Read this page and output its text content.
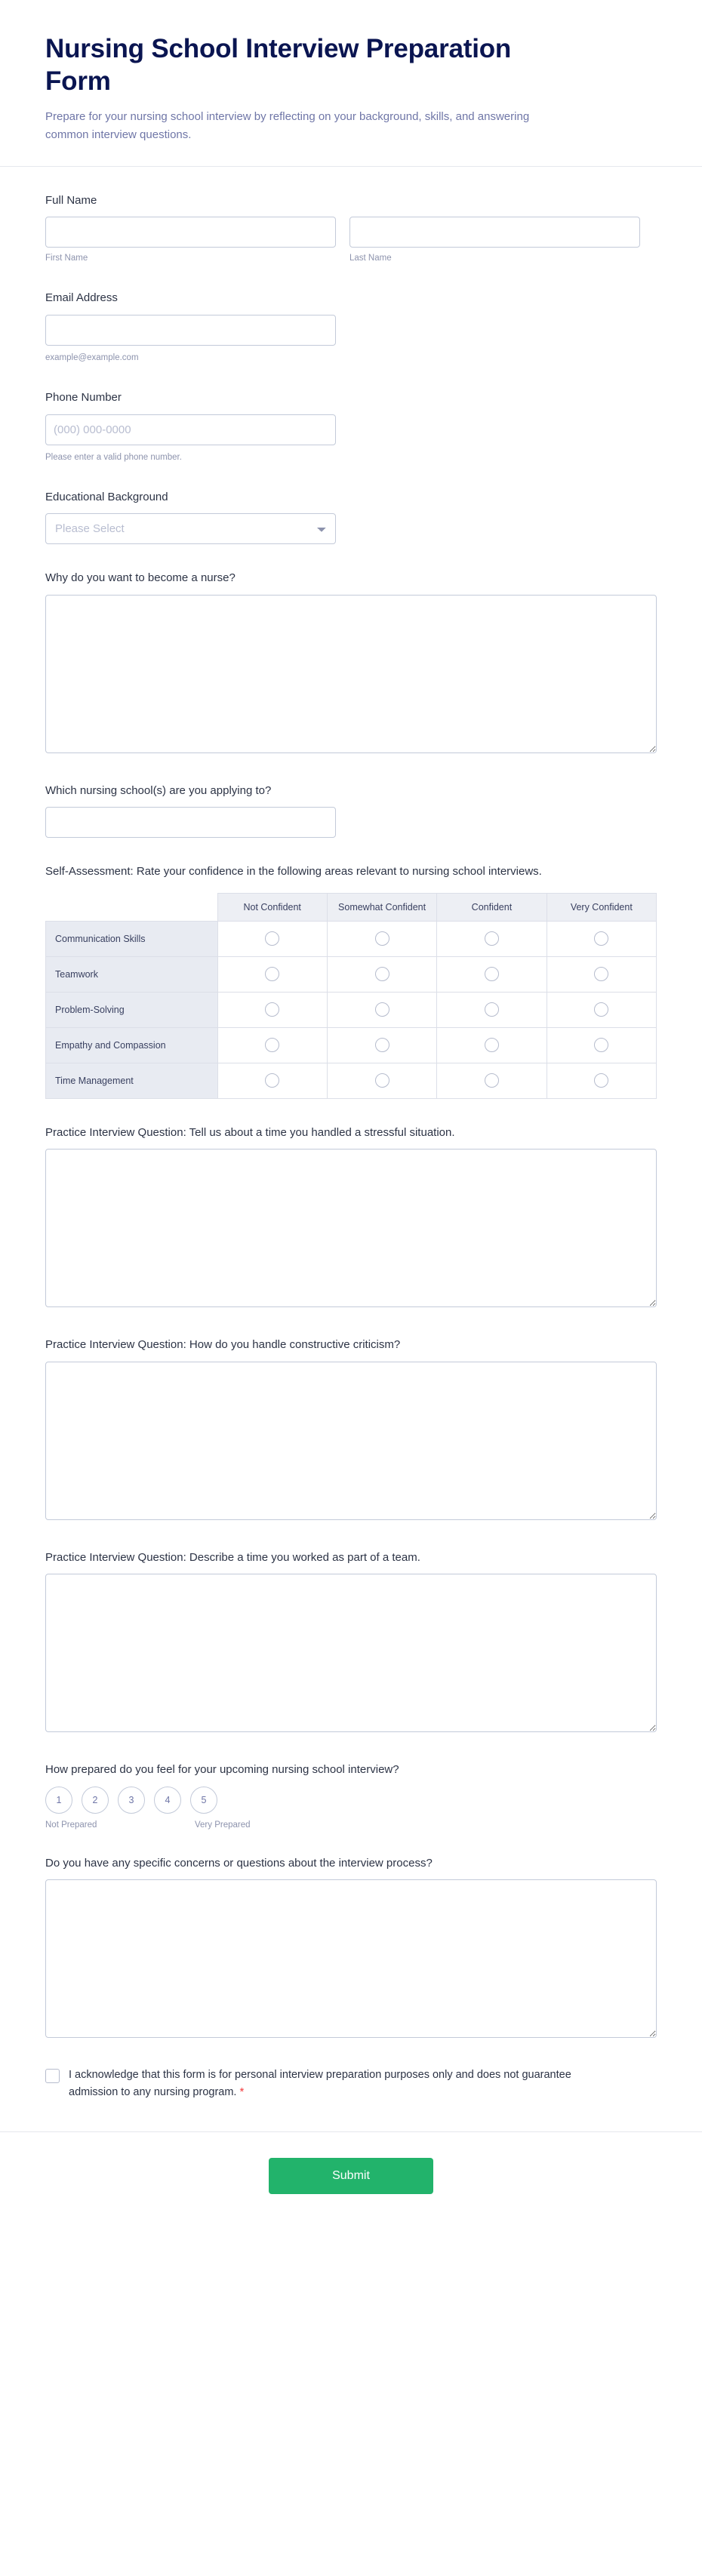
Nursing School Interview Preparation Form

Prepare for your nursing school interview by reflecting on your background, skills, and answering common interview questions.

Full Name
First Name	Last Name
Email Address
example@example.com
Phone Number
(000) 000-0000
Please enter a valid phone number.
Educational Background
Please Select
Why do you want to become a nurse?
Which nursing school(s) are you applying to?
Self-Assessment: Rate your confidence in the following areas relevant to nursing school interviews.
	Not Confident	Somewhat Confident	Confident	Very Confident
Communication Skills				
Teamwork				
Problem-Solving				
Empathy and Compassion				
Time Management				
Practice Interview Question: Tell us about a time you handled a stressful situation.
Practice Interview Question: How do you handle constructive criticism?
Practice Interview Question: Describe a time you worked as part of a team.
How prepared do you feel for your upcoming nursing school interview?
1	2	3	4	5
Not Prepared	Very Prepared
Do you have any specific concerns or questions about the interview process?
I acknowledge that this form is for personal interview preparation purposes only and does not guarantee admission to any nursing program. *
Submit
